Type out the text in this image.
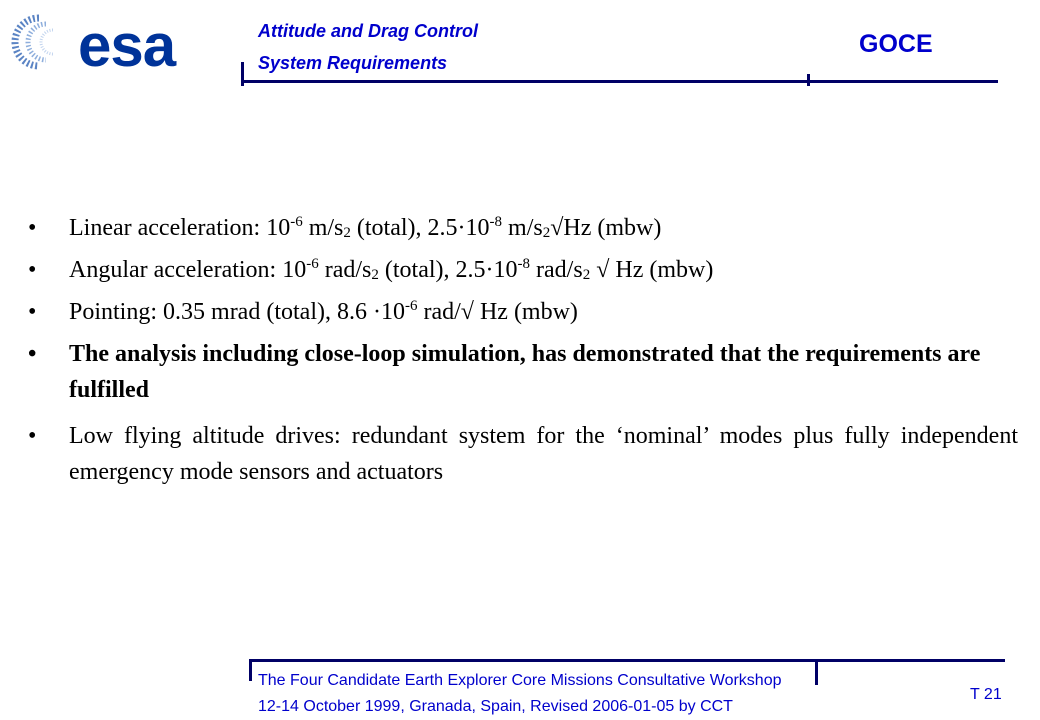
esa	Attitude and Drag Control
System Requirements
GOCE
• Linear acceleration: $10^{-6}$ $m/s_2$ (total), $2.5\cdot 10^{-8}$ $m/s_2√Hz$ (mbw)
• Angular acceleration: $10^{-6}$ rad/$s_2$ (total), $2.5\cdot 10^{-8}$ rad/$s_2$ √ Hz (mbw)
• Pointing: 0.35 mrad (total), $8.6 \cdot 10^{-6}$ rad/√ Hz (mbw)
• The analysis including close-loop simulation, has demonstrated that the requirements are fulfilled
• Low flying altitude drives: redundant system for the ‘nominal’ modes plus fully independent emergency mode sensors and actuators
The Four Candidate Earth Explorer Core Missions Consultative Workshop
12-14 October 1999, Granada, Spain, Revised 2006-01-05 by CCT
T 21
